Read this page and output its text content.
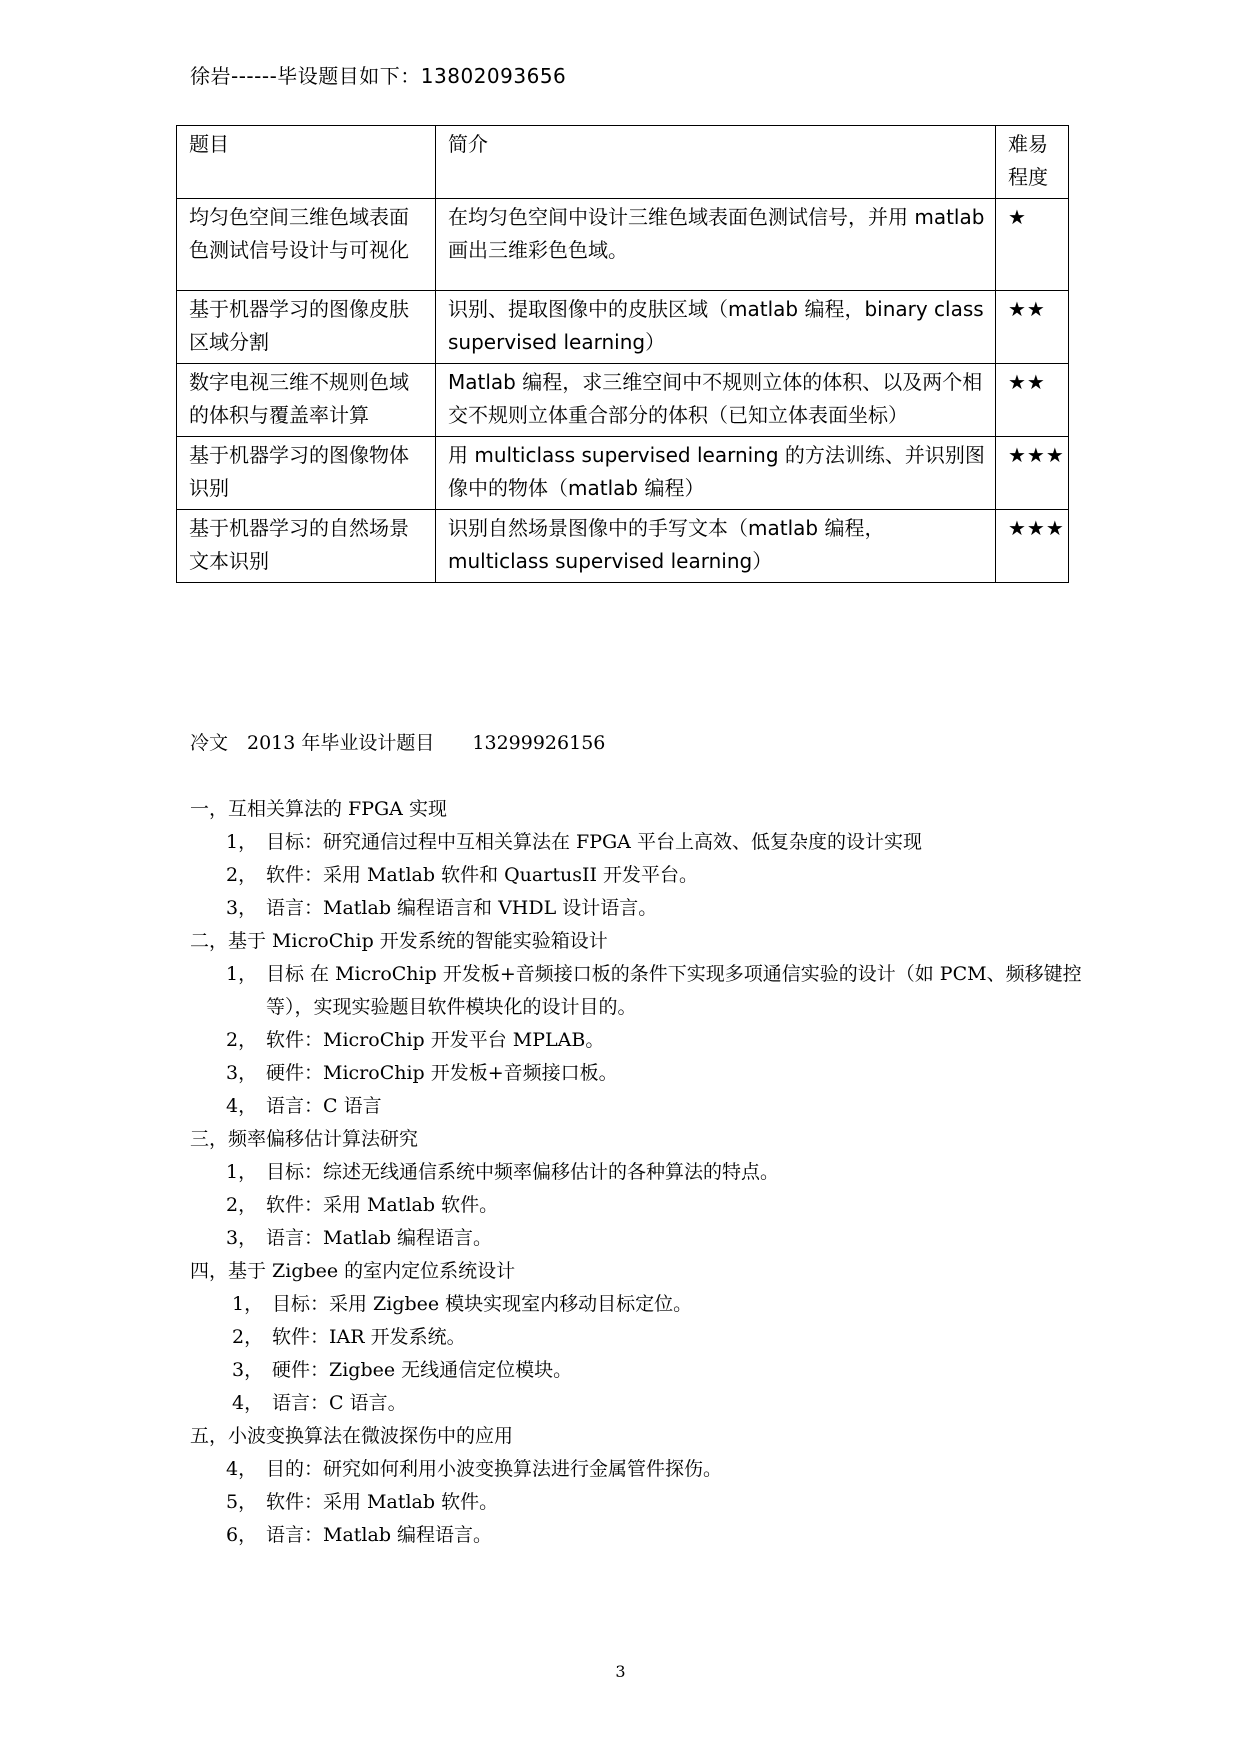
徐岩------毕设题目如下：13802093656
题目	简介	难易程度
均匀色空间三维色域表面色测试信号设计与可视化	在均匀色空间中设计三维色域表面色测试信号，并用 matlab 画出三维彩色色域。	★
基于机器学习的图像皮肤区域分割	识别、提取图像中的皮肤区域（matlab 编程，binary class supervised learning）	★★
数字电视三维不规则色域的体积与覆盖率计算	Matlab 编程，求三维空间中不规则立体的体积、以及两个相交不规则立体重合部分的体积（已知立体表面坐标）	★★
基于机器学习的图像物体识别	用 multiclass supervised learning 的方法训练、并识别图像中的物体（matlab 编程）	★★★
基于机器学习的自然场景文本识别	识别自然场景图像中的手写文本（matlab 编程，multiclass supervised learning）	★★★
冷文　2013 年毕业设计题目　　13299926156
一，互相关算法的 FPGA 实现
1， 目标：研究通信过程中互相关算法在 FPGA 平台上高效、低复杂度的设计实现
2， 软件：采用 Matlab 软件和 QuartusII 开发平台。
3， 语言：Matlab 编程语言和 VHDL 设计语言。
二，基于 MicroChip 开发系统的智能实验箱设计
1， 目标 在 MicroChip 开发板+音频接口板的条件下实现多项通信实验的设计（如 PCM、频移键控等），实现实验题目软件模块化的设计目的。
2， 软件：MicroChip 开发平台 MPLAB。
3， 硬件：MicroChip 开发板+音频接口板。
4， 语言：C 语言
三，频率偏移估计算法研究
1， 目标：综述无线通信系统中频率偏移估计的各种算法的特点。
2， 软件：采用 Matlab 软件。
3， 语言：Matlab 编程语言。
四，基于 Zigbee 的室内定位系统设计
1， 目标：采用 Zigbee 模块实现室内移动目标定位。
2， 软件：IAR 开发系统。
3， 硬件：Zigbee 无线通信定位模块。
4， 语言：C 语言。
五，小波变换算法在微波探伤中的应用
4， 目的：研究如何利用小波变换算法进行金属管件探伤。
5， 软件：采用 Matlab 软件。
6， 语言：Matlab 编程语言。
3
